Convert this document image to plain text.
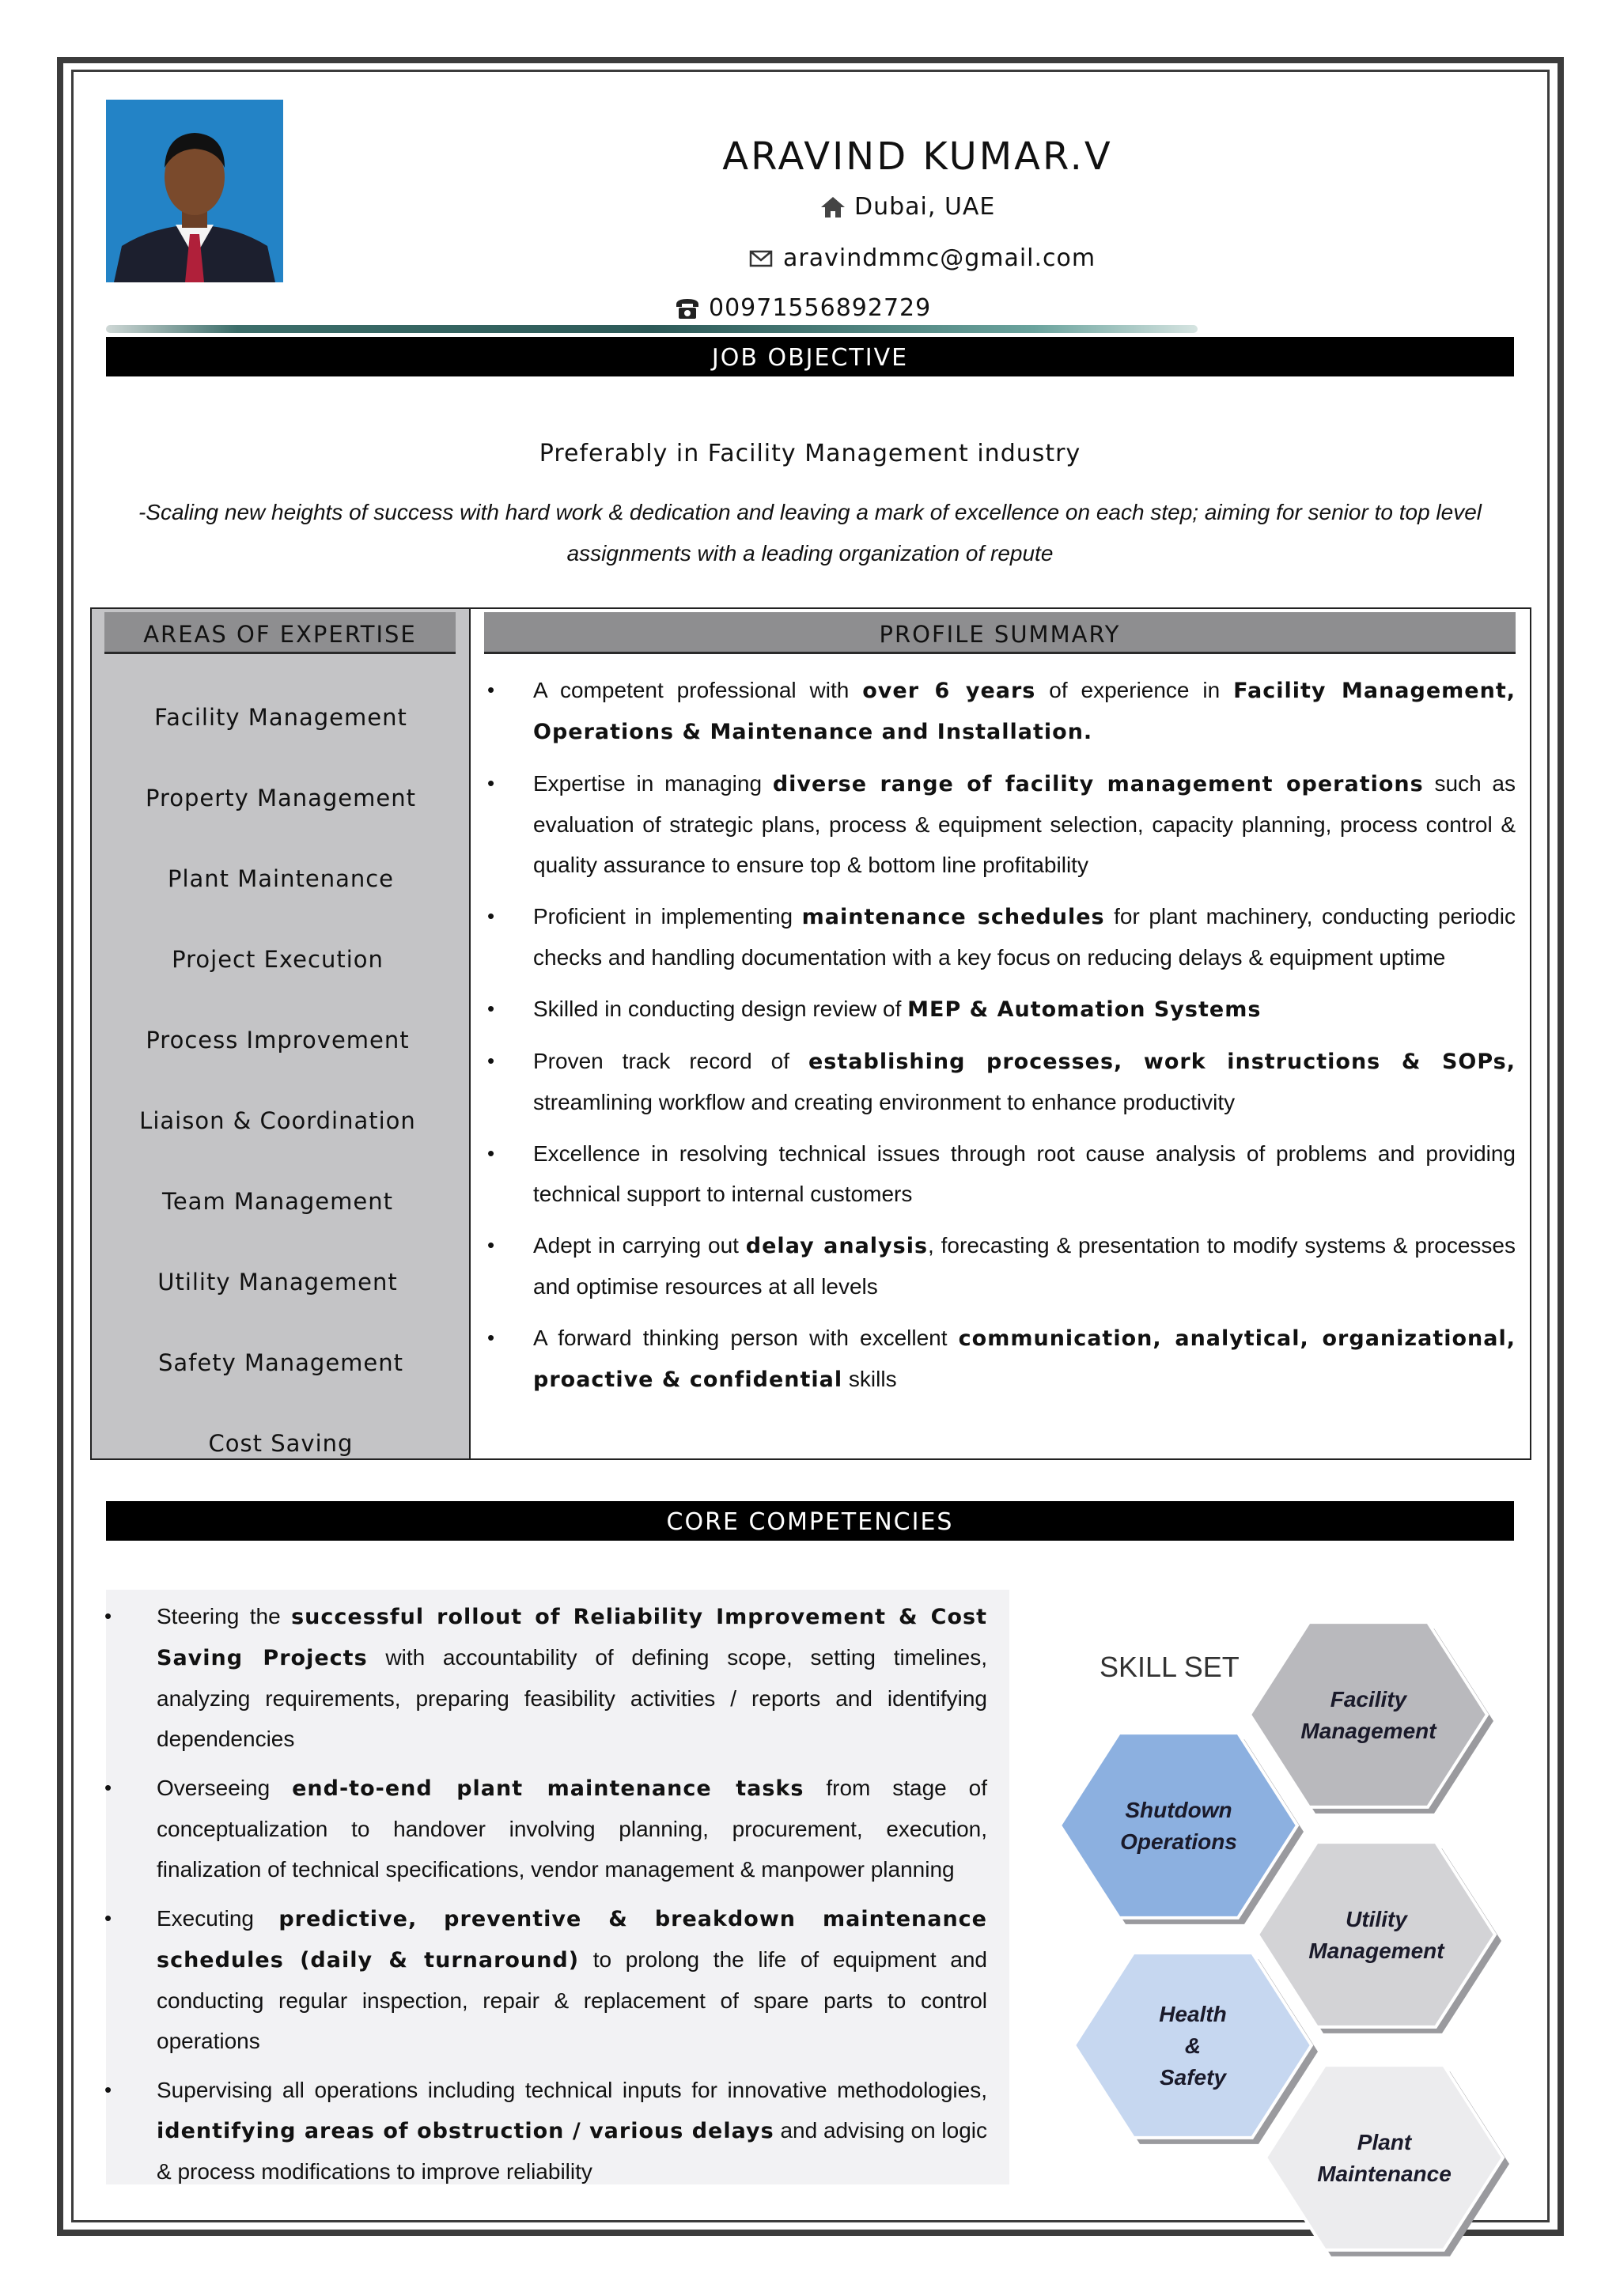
ARAVIND KUMAR.V
Dubai, UAE
aravindmmc@gmail.com
00971556892729
JOB OBJECTIVE
Preferably in Facility Management industry
-Scaling new heights of success with hard work & dedication and leaving a mark of excellence on each step; aiming for senior to top level assignments with a leading organization of repute
AREAS OF EXPERTISE	PROFILE SUMMARY
Facility Management
Property Management
Plant Maintenance
Project Execution
Process Improvement
Liaison & Coordination
Team Management
Utility Management
Safety Management
Cost Saving
• A competent professional with over 6 years of experience in Facility Management, Operations & Maintenance and Installation.
• Expertise in managing diverse range of facility management operations such as evaluation of strategic plans, process & equipment selection, capacity planning, process control & quality assurance to ensure top & bottom line profitability
• Proficient in implementing maintenance schedules for plant machinery, conducting periodic checks and handling documentation with a key focus on reducing delays & equipment uptime
• Skilled in conducting design review of MEP & Automation Systems
• Proven track record of establishing processes, work instructions & SOPs, streamlining workflow and creating environment to enhance productivity
• Excellence in resolving technical issues through root cause analysis of problems and providing technical support to internal customers
• Adept in carrying out delay analysis, forecasting & presentation to modify systems & processes and optimise resources at all levels
• A forward thinking person with excellent communication, analytical, organizational, proactive & confidential skills
CORE COMPETENCIES
• Steering the successful rollout of Reliability Improvement & Cost Saving Projects with accountability of defining scope, setting timelines, analyzing requirements, preparing feasibility activities / reports and identifying dependencies
• Overseeing end-to-end plant maintenance tasks from stage of conceptualization to handover involving planning, procurement, execution, finalization of technical specifications, vendor management & manpower planning
• Executing predictive, preventive & breakdown maintenance schedules (daily & turnaround) to prolong the life of equipment and conducting regular inspection, repair & replacement of spare parts to control operations
• Supervising all operations including technical inputs for innovative methodologies, identifying areas of obstruction / various delays and advising on logic & process modifications to improve reliability
SKILL SET
Facility
Management
Shutdown
Operations
Utility
Management
Health
&
Safety
Plant
Maintenance
